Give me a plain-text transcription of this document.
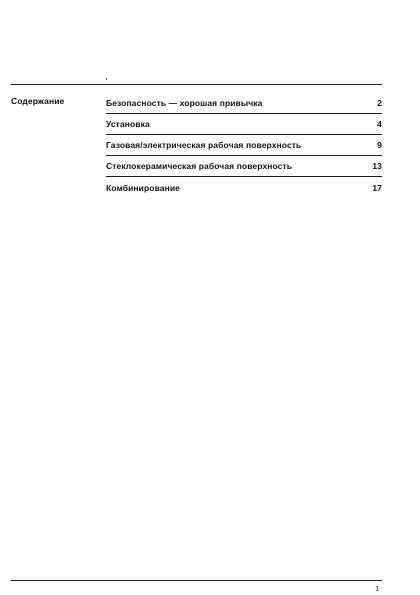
Содержание	Безопасность — хорошая привычка	2
Установка	4
Газовая/электрическая рабочая поверхность	9
Стеклокерамическая рабочая поверхность	13
Комбинирование	17
1
